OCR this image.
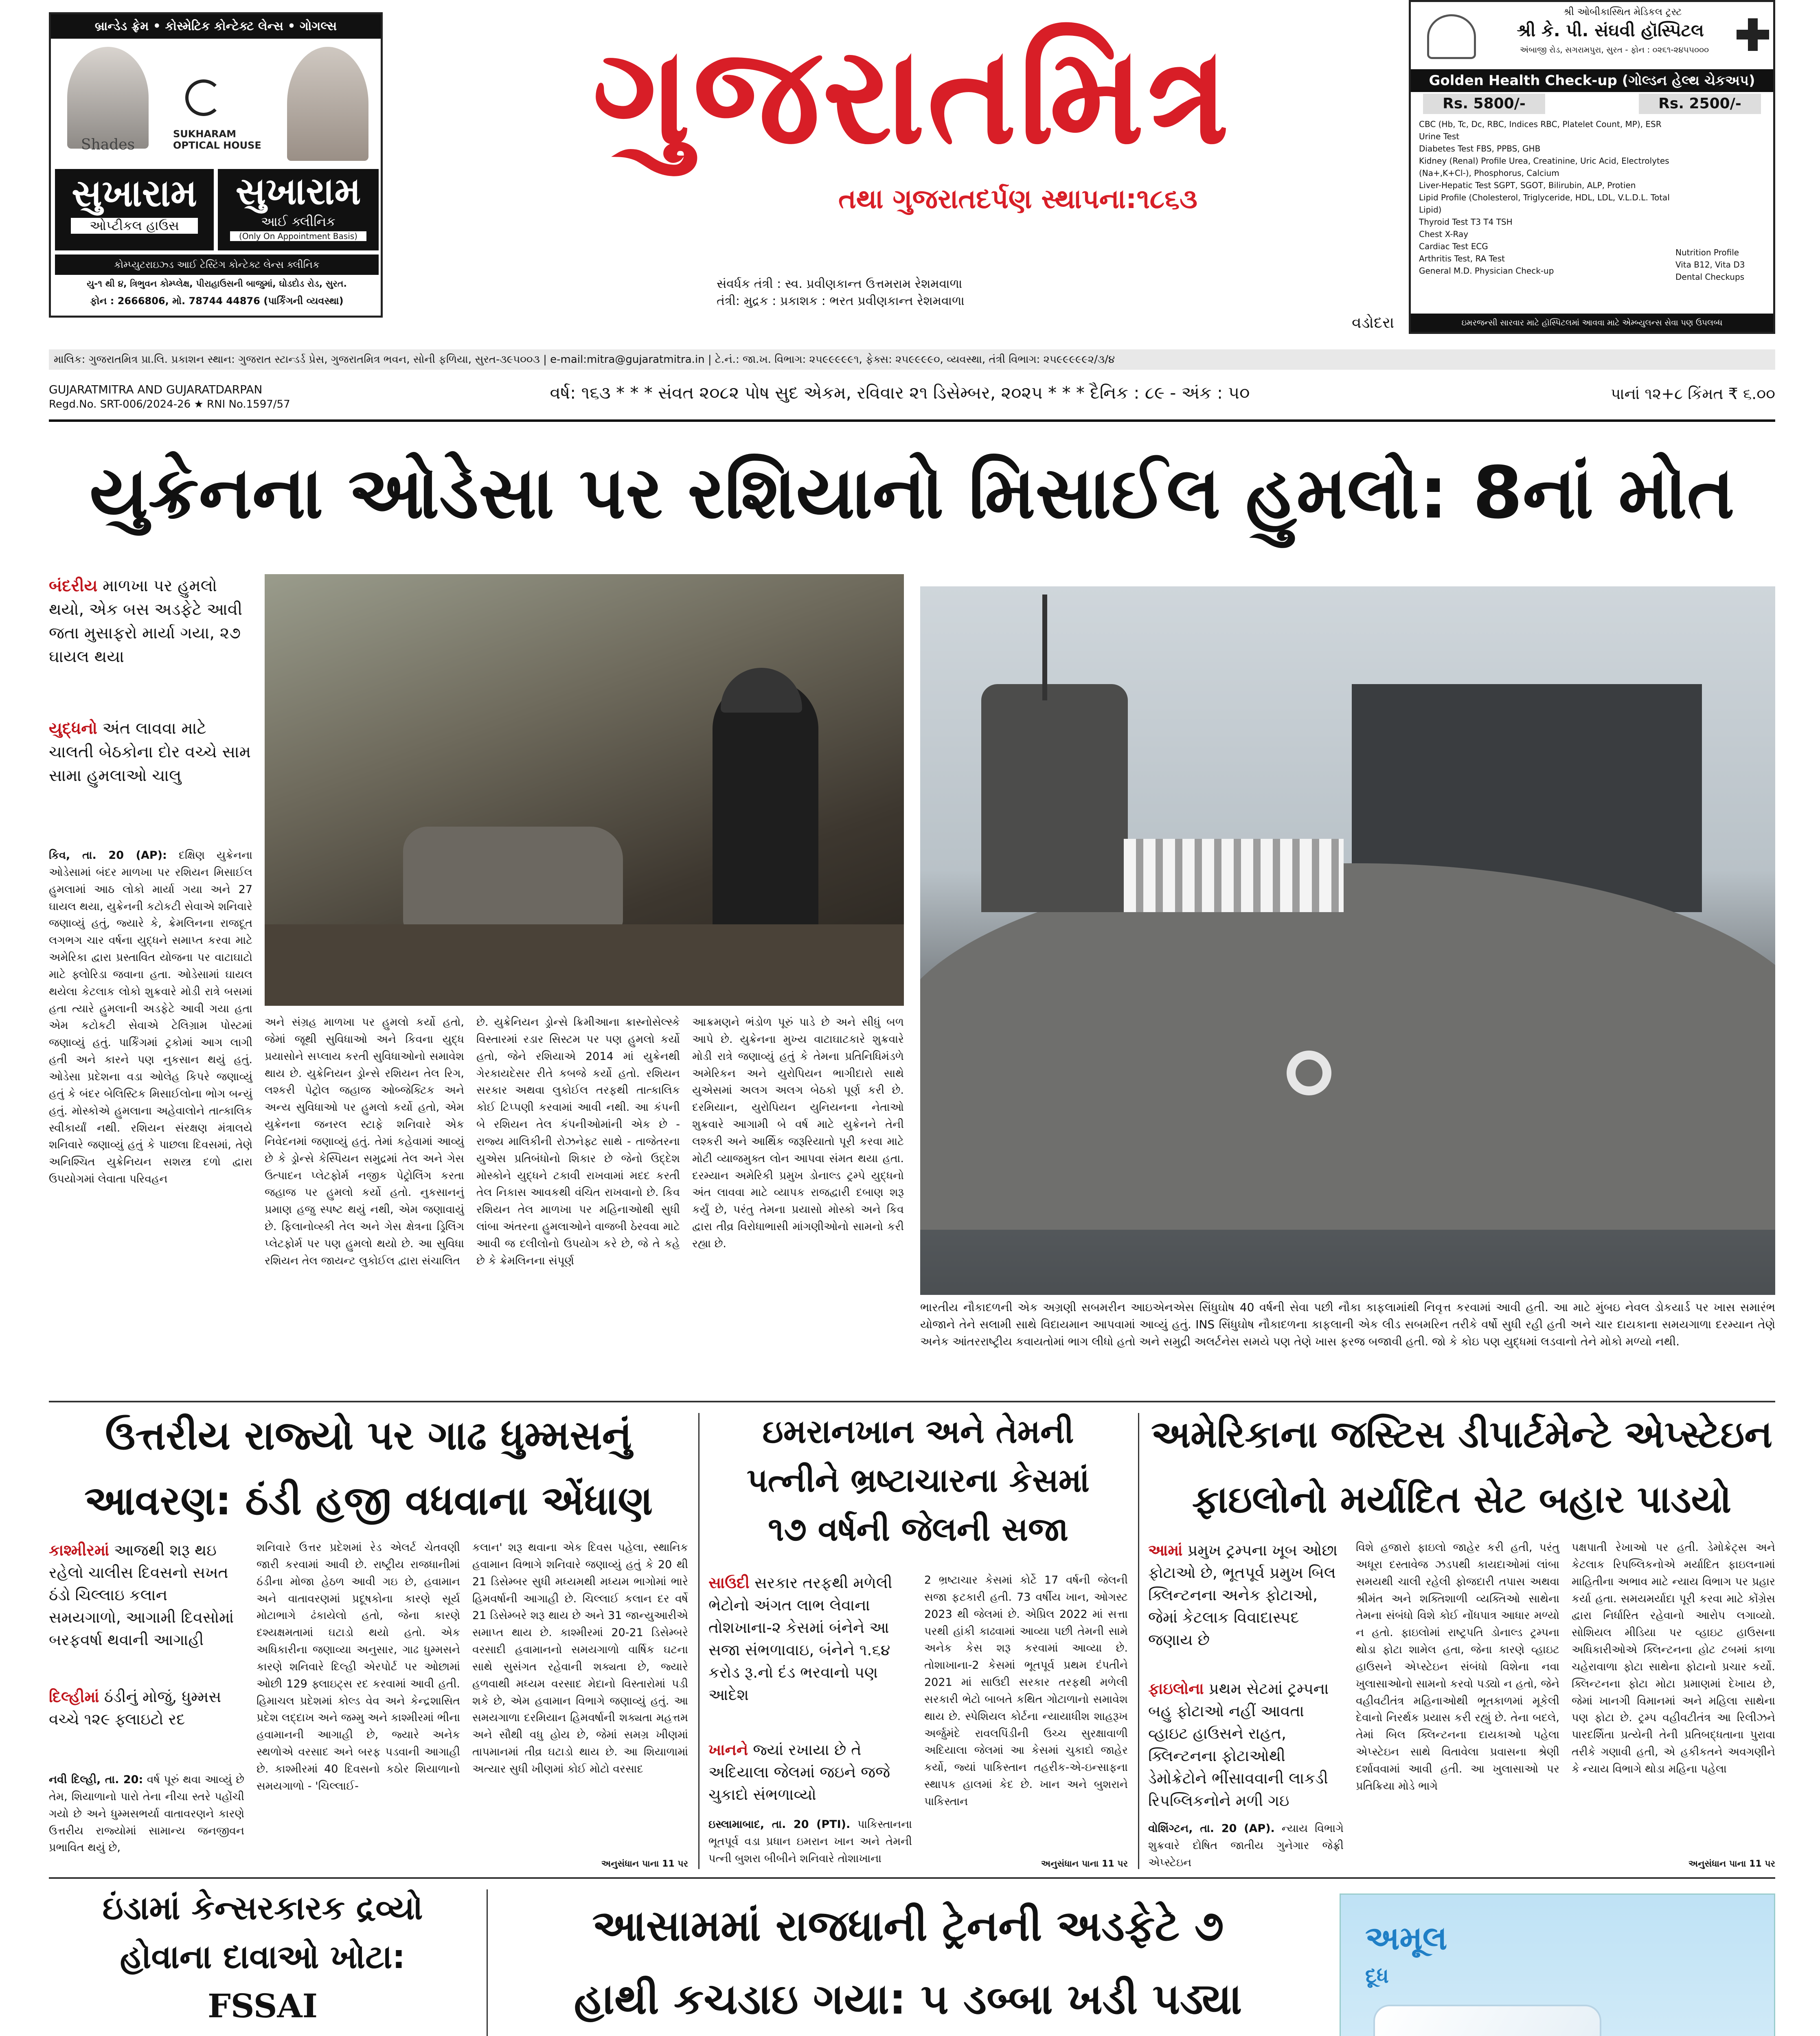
બ્રાન્ડેડ ફ્રેમ • કોસ્મેટિક કોન્ટેક્ટ લેન્સ • ગોગલ્સ
Shades
SUKHARAM OPTICAL HOUSE
સુખારામ
ઓપ્ટીકલ હાઉસ
સુખારામ
આઈ ક્લીનિક
(Only On Appointment Basis)
કોમ્પ્યુટરાઇઝ્ડ આઈ ટેસ્ટિંગ કોન્ટેક્ટ લેન્સ ક્લીનિક
યુ-૧ થી ૪, ત્રિભુવન કોમ્પ્લેક્ષ, પીરાહાઉસની બાજુમાં, ઘોડદોડ રોડ, સુરત.
ફોન : 2666806, મો. 78744 44876 (પાર્કિંગની વ્યવસ્થા)
ગુજરાતમિત્ર
તથા ગુજરાતદર્પણ સ્થાપના:૧૮૬૩
સંવર્ધક તંત્રી : સ્વ. પ્રવીણકાન્ત ઉત્તમરામ રેશમવાળા
તંત્રી: મુદ્રક : પ્રકાશક : ભરત પ્રવીણકાન્ત રેશમવાળા
વડોદરા
શ્રી ઓબીકાસ્થિત મેડિકલ ટ્રસ્ટ
શ્રી કે. પી. સંઘવી હૉસ્પિટલ
અંબાજી રોડ, સગરામપુરા, સુરત - ફોન : ૦૨૬૧-૨૪૫૫૦૦૦
Golden Health Check-up (ગોલ્ડન હેલ્થ ચેકઅપ)
Rs. 5800/-	Rs. 2500/-
CBC (Hb, Tc, Dc, RBC, Indices RBC, Platelet Count, MP), ESR
Urine Test
Diabetes Test FBS, PPBS, GHB
Kidney (Renal) Profile Urea, Creatinine, Uric Acid, Electrolytes (Na+,K+Cl-), Phosphorus, Calcium
Liver-Hepatic Test SGPT, SGOT, Bilirubin, ALP, Protien
Lipid Profile (Cholesterol, Triglyceride, HDL, LDL, V.L.D.L. Total Lipid)
Thyroid Test T3 T4 TSH
Chest X-Ray
Cardiac Test ECG
Arthritis Test, RA Test
General M.D. Physician Check-up
Nutrition Profile
Vita B12, Vita D3
Dental Checkups
ઇમરજન્સી સારવાર માટે હૉસ્પિટલમાં આવવા માટે એમ્બ્યુલન્સ સેવા પણ ઉપલબ્ધ
માલિક: ગુજરાતમિત્ર પ્રા.લિ. પ્રકાશન સ્થાન: ગુજરાત સ્ટાન્ડર્ડ પ્રેસ, ગુજરાતમિત્ર ભવન, સોની ફળિયા, સુરત-૩૯૫૦૦૩ | e-mail:mitra@gujaratmitra.in | ટે.નં.: જા.ખ. વિભાગ: ૨૫૯૯૯૯૯૧, ફેક્સ: ૨૫૯૯૯૯૦, વ્યવસ્થા, તંત્રી વિભાગ: ૨૫૯૯૯૯૯૨/૩/૪
GUJARATMITRA AND GUJARATDARPAN
Regd.No. SRT-006/2024-26 ★ RNI No.1597/57
વર્ષ: ૧૬૩ * * * સંવત ૨૦૮૨ પોષ સુદ એકમ, રવિવાર ૨૧ ડિસેમ્બર, ૨૦૨૫ * * * દૈનિક : ૮૯ - અંક : ૫૦	પાનાં ૧૨+૮ કિંમત ₹ ૬.૦૦
યુક્રેનના ઓડેસા પર રશિયાનો મિસાઈલ હુમલો: 8નાં મોત
બંદરીય માળખા પર હુમલો થયો, એક બસ અડફેટે આવી જતા મુસાફરો માર્યા ગયા, ૨૭ ઘાયલ થયા
યુદ્ધનો અંત લાવવા માટે ચાલતી બેઠકોના દોર વચ્ચે સામ સામા હુમલાઓ ચાલુ

કિવ, તા. 20 (AP): દક્ષિણ યુક્રેનના ઓડેસામાં બંદર માળખા પર રશિયન મિસાઈલ હુમલામાં આઠ લોકો માર્યા ગયા અને 27 ઘાયલ થયા, યુક્રેનની કટોકટી સેવાએ શનિવારે જણાવ્યું હતું, જ્યારે કે, ક્રેમલિનના રાજદૂત લગભગ ચાર વર્ષના યુદ્ધને સમાપ્ત કરવા માટે અમેરિકા દ્વારા પ્રસ્તાવિત યોજના પર વાટાઘાટો માટે ફ્લોરિડા જવાના હતા. ઓડેસામાં ઘાયલ થયેલા કેટલાક લોકો શુક્રવારે મોડી રાત્રે બસમાં હતા ત્યારે હુમલાની અડફેટે આવી ગયા હતા એમ કટોકટી સેવાએ ટેલિગ્રામ પોસ્ટમાં જણાવ્યું હતું. પાર્કિંગમાં ટ્રકોમાં આગ લાગી હતી અને કારને પણ નુકસાન થયું હતું. ઓડેસા પ્રદેશના વડા ઓલેહ કિપરે જણાવ્યું હતું કે બંદર બેલિસ્ટિક મિસાઈલોના ભોગ બન્યું હતું. મોસ્કોએ હુમલાના અહેવાલોને તાત્કાલિક સ્વીકાર્યાં નથી. રશિયન સંરક્ષણ મંત્રાલયે શનિવારે જણાવ્યું હતું કે પાછલા દિવસમાં, તેણે અનિશ્ચિત યુક્રેનિયન સશસ્ત્ર દળો દ્વારા ઉપયોગમાં લેવાતા પરિવહન

અને સંગ્રહ માળખા પર હુમલો કર્યો હતો, જેમાં જૂથી સુવિધાઓ અને કિવના યુદ્ધ પ્રયાસોને સપ્લાય કરતી સુવિધાઓનો સમાવેશ થાય છે. યુક્રેનિયન ડ્રોન્સે રશિયન તેલ રિગ, લશ્કરી પેટ્રોલ જહાજ ઓબ્જેક્ટિક અને અન્ય સુવિધાઓ પર હુમલો કર્યો હતો, એમ યુક્રેનના જનરલ સ્ટાફે શનિવારે એક નિવેદનમાં જણાવ્યું હતું. તેમાં કહેવામાં આવ્યું છે કે ડ્રોન્સે કેસ્પિયન સમુદ્રમાં તેલ અને ગેસ ઉત્પાદન પ્લેટફોર્મ નજીક પેટ્રોલિંગ કરતા જહાજ પર હુમલો કર્યો હતો. નુકસાનનું પ્રમાણ હજુ સ્પષ્ટ થયું નથી, એમ જણાવાયું છે. ફિલાનોવ્સ્કી તેલ અને ગેસ ક્ષેત્રના ડ્રિલિંગ પ્લેટફોર્મ પર પણ હુમલો થયો છે. આ સુવિધા રશિયન તેલ જાયન્ટ લુકોઈલ દ્વારા સંચાલિત
છે. યુક્રેનિયન ડ્રોન્સે ક્રિમીઆના ક્રાસ્નોસેલ્સ્કે વિસ્તારમાં રડાર સિસ્ટમ પર પણ હુમલો કર્યો હતો, જેને રશિયાએ 2014 માં યુક્રેનથી ગેરકાયદેસર રીતે કબજે કર્યો હતો. રશિયન સરકાર અથવા લુકોઈલ તરફથી તાત્કાલિક કોઈ ટિપ્પણી કરવામાં આવી નથી. આ કંપની બે રશિયન તેલ કંપનીઓમાંની એક છે - રાજ્ય માલિકીની રોઝનેફ્ટ સાથે - તાજેતરના યુએસ પ્રતિબંધોનો શિકાર છે જેનો ઉદ્દેશ મોસ્કોને યુદ્ધને ટકાવી રાખવામાં મદદ કરતી તેલ નિકાસ આવકથી વંચિત રાખવાનો છે. કિવ રશિયન તેલ માળખા પર મહિનાઓથી સુધી લાંબા અંતરના હુમલાઓને વાજબી ઠેરવવા માટે આવી જ દલીલોનો ઉપયોગ કરે છે, જે તે કહે છે કે ક્રેમલિનના સંપૂર્ણ
આક્રમણને ભંડોળ પૂરું પાડે છે અને સીધું બળ આપે છે. યુક્રેનના મુખ્ય વાટાઘાટકારે શુક્રવારે મોડી રાત્રે જણાવ્યું હતું કે તેમના પ્રતિનિધિમંડળે અમેરિકન અને યુરોપિયન ભાગીદારો સાથે યુએસમાં અલગ અલગ બેઠકો પૂર્ણ કરી છે. દરમિયાન, યુરોપિયન યુનિયનના નેતાઓ શુક્રવારે આગામી બે વર્ષ માટે યુક્રેનને તેની લશ્કરી અને આર્થિક જરૂરિયાતો પૂરી કરવા માટે મોટી વ્યાજમુક્ત લોન આપવા સંમત થયા હતા. દરમ્યાન અમેરિકી પ્રમુખ ડોનાલ્ડ ટ્રમ્પે યુદ્ધનો અંત લાવવા માટે વ્યાપક રાજદ્વારી દબાણ શરૂ કર્યું છે, પરંતુ તેમના પ્રયાસો મોસ્કો અને કિવ દ્વારા તીવ્ર વિરોધાભાસી માંગણીઓનો સામનો કરી રહ્યા છે.
ભારતીય નૌકાદળની એક અગ્રણી સબમરીન આઇએનએસ સિંધુઘોષ 40 વર્ષની સેવા પછી નૌકા કાફલામાંથી નિવૃત્ત કરવામાં આવી હતી. આ માટે મુંબઇ નેવલ ડોકયાર્ડ પર ખાસ સમારંભ યોજાને તેને સલામી સાથે વિદાયમાન આપવામાં આવ્યું હતું. INS સિંધુઘોષ નૌકાદળના કાફલાની એક લીડ સબમરિન તરીકે વર્ષો સુધી રહી હતી અને ચાર દાયકાના સમયગાળા દરમ્યાન તેણે અનેક આંતરરાષ્ટ્રીય કવાયતોમાં ભાગ લીધો હતો અને સમુદ્રી અલર્ટનેસ સમયે પણ તેણે ખાસ ફરજ બજાવી હતી. જો કે કોઇ પણ યુદ્ધમાં લડવાનો તેને મોકો મળ્યો નથી.
ઉત્તરીય રાજ્યો પર ગાઢ ધુમ્મસનું
આવરણ: ઠંડી હજી વધવાના એંધાણ
કાશ્મીરમાં આજથી શરૂ થઇ રહેલો ચાલીસ દિવસનો સખત ઠંડો ચિલ્લાઇ કલાન સમયગાળો, આગામી દિવસોમાં બરફવર્ષા થવાની આગાહી
દિલ્હીમાં ઠંડીનું મોજું, ધુમ્મસ વચ્ચે ૧૨૯ ફ્લાઇટો રદ

નવી દિલ્હી, તા. 20: વર્ષ પૂરું થવા આવ્યું છે તેમ, શિયાળાનો પારો તેના નીચા સ્તરે પહોંચી ગયો છે અને ધુમ્મસભર્યા વાતાવરણને કારણે ઉત્તરીય રાજ્યોમાં સામાન્ય જનજીવન પ્રભાવિત થયું છે,

શનિવારે ઉત્તર પ્રદેશમાં રેડ એલર્ટ ચેતવણી જારી કરવામાં આવી છે. રાષ્ટ્રીય રાજધાનીમાં ઠંડીના મોજા હેઠળ આવી ગઇ છે, હવામાન અને વાતાવરણમાં પ્રદૂષકોના કારણે સૂર્ય મોટાભાગે ઢંકાયેલો હતો, જેના કારણે દશ્યક્ષમતામાં ઘટાડો થયો હતો. એક અધિકારીના જણાવ્યા અનુસાર, ગાઢ ધુમ્મસને કારણે શનિવારે દિલ્હી એરપોર્ટ પર ઓછામાં ઓછી 129 ફ્લાઇટ્સ રદ કરવામાં આવી હતી. હિમાચલ પ્રદેશમાં કોલ્ડ વેવ અને કેન્દ્રશાસિત પ્રદેશ લદ્દાખ અને જમ્મુ અને કાશ્મીરમાં ભીના હવામાનની આગાહી છે, જ્યારે અનેક સ્થળોએ વરસાદ અને બરફ પડવાની આગાહી છે. કાશ્મીરમાં 40 દિવસનો કઠોર શિયાળાનો સમયગાળો - 'ચિલ્લાઈ-
કલાન' શરૂ થવાના એક દિવસ પહેલા, સ્થાનિક હવામાન વિભાગે શનિવારે જણાવ્યું હતું કે 20 થી 21 ડિસેમ્બર સુધી મધ્યમથી મધ્યમ ભાગોમાં ભારે હિમવર્ષાની આગાહી છે. ચિલ્લાઈ કલાન દર વર્ષે 21 ડિસેમ્બરે શરૂ થાય છે અને 31 જાન્યુઆરીએ સમાપ્ત થાય છે. કાશ્મીરમાં 20-21 ડિસેમ્બરે વરસાદી હવામાનનો સમયગાળો વાર્ષિક ઘટના સાથે સુસંગત રહેવાની શક્યતા છે, જ્યારે હળવાથી મધ્યમ વરસાદ મેદાનો વિસ્તારોમાં પડી શકે છે, એમ હવામાન વિભાગે જણાવ્યું હતું. આ સમયગાળા દરમિયાન હિમવર્ષાની શક્યતા મહત્તમ અને સૌથી વધુ હોય છે, જેમાં સમગ્ર ખીણમાં તાપમાનમાં તીવ્ર ઘટાડો થાય છે. આ શિયાળામાં અત્યાર સુધી ખીણમાં કોઈ મોટો વરસાદ
અનુસંધાન પાના 11 પર
ઇમરાનખાન અને તેમની
પત્નીને ભ્રષ્ટાચારના કેસમાં
૧૭ વર્ષની જેલની સજા
સાઉદી સરકાર તરફથી મળેલી ભેટોનો અંગત લાભ લેવાના તોશખાના-૨ કેસમાં બંનેને આ સજા સંભળાવાઇ, બંનેને ૧.૬૪ કરોડ રૂ.નો દંડ ભરવાનો પણ આદેશ
ખાનને જ્યાં રખાયા છે તે અદિયાલા જેલમાં જઇને જજે ચુકાદો સંભળાવ્યો

ઇસ્લામાબાદ, તા. 20 (PTI). પાકિસ્તાનના ભૂતપૂર્વ વડા પ્રધાન ઇમરાન ખાન અને તેમની પત્ની બુશરા બીબીને શનિવારે તોશાખાના

2 ભ્રષ્ટાચાર કેસમાં કોર્ટે 17 વર્ષની જેલની સજા ફટકારી હતી. 73 વર્ષીય ખાન, ઓગસ્ટ 2023 થી જેલમાં છે. એપ્રિલ 2022 માં સત્તા પરથી હાંકી કાઢવામાં આવ્યા પછી તેમની સામે અનેક કેસ શરૂ કરવામાં આવ્યા છે. તોશાખાના-2 કેસમાં ભૂતપૂર્વ પ્રથમ દંપતીને 2021 માં સાઉદી સરકાર તરફથી મળેલી સરકારી ભેટો બાબતે કથિત ગોટાળાનો સમાવેશ થાય છે. સ્પેશિયલ કોર્ટના ન્યાયાધીશ શાહરૂખ અર્જુમંદે રાવલપિંડીની ઉચ્ચ સુરક્ષાવાળી અદિયાલા જેલમાં આ કેસમાં ચુકાદો જાહેર કર્યો, જ્યાં પાકિસ્તાન તહરીક-એ-ઇન્સાફના સ્થાપક હાલમાં કેદ છે. ખાન અને બુશરાને પાકિસ્તાન
અનુસંધાન પાના 11 પર
અમેરિકાના જસ્ટિસ ડીપાર્ટમેન્ટે એપ્સ્ટેઇન
ફાઇલોનો મર્યાદિત સેટ બહાર પાડયો
આમાં પ્રમુખ ટ્રમ્પના ખૂબ ઓછા ફોટાઓ છે, ભૂતપૂર્વ પ્રમુખ બિલ ક્લિન્ટનના અનેક ફોટાઓ, જેમાં કેટલાક વિવાદાસ્પદ જણાય છે
ફાઇલોના પ્રથમ સેટમાં ટ્રમ્પના બહુ ફોટાઓ નહીં આવતા વ્હાઇટ હાઉસને રાહત, ક્લિન્ટનના ફોટાઓથી ડેમોક્રેટોને ભીંસાવવાની લાકડી રિપબ્લિકનોને મળી ગઇ

વોશિંગ્ટન, તા. 20 (AP). ન્યાય વિભાગે શુક્રવારે દોષિત જાતીય ગુનેગાર જેફ્રી એપ્સ્ટેઇન

વિશે હજારો ફાઇલો જાહેર કરી હતી, પરંતુ અધૂરા દસ્તાવેજ ઝડપથી કાયદાઓમાં લાંબા સમયથી ચાલી રહેલી ફોજદારી તપાસ અથવા શ્રીમંત અને શક્તિશાળી વ્યક્તિઓ સાથેના તેમના સંબંધો વિશે કોઈ નોંધપાત્ર આધાર મળ્યો ન હતો. ફાઇલોમાં રાષ્ટ્રપતિ ડોનાલ્ડ ટ્રમ્પના થોડા ફોટા શામેલ હતા, જેના કારણે વ્હાઇટ હાઉસને એપ્સ્ટેઇન સંબંધો વિશેના નવા ખુલાસાઓનો સામનો કરવો પડ્યો ન હતો, જેને વહીવટીતંત્ર મહિનાઓથી ભૂતકાળમાં મૂકેલી દેવાનો નિરર્થક પ્રયાસ કરી રહ્યું છે. તેના બદલે, તેમાં બિલ ક્લિન્ટનના દાયકાઓ પહેલા એપ્સ્ટેઇન સાથે વિતાવેલા પ્રવાસના શ્રેણી દર્શાવવામાં આવી હતી. આ ખુલાસાઓ પર પ્રતિક્રિયા મોડે ભાગે
પક્ષપાતી રેખાઓ પર હતી. ડેમોક્રેટ્સ અને કેટલાક રિપબ્લિકનોએ મર્યાદિત ફાઇલનામાં માહિતીના અભાવ માટે ન્યાય વિભાગ પર પ્રહાર કર્યા હતા. સમયમર્યાદા પૂરી કરવા માટે કોંગ્રેસ દ્વારા નિર્ધારિત રહેવાનો આરોપ લગાવ્યો. સોશિયલ મીડિયા પર વ્હાઇટ હાઉસના અધિકારીઓએ ક્લિન્ટનના હોટ ટબમાં કાળા ચહેરાવાળા ફોટા સાથેના ફોટાનો પ્રચાર કર્યો. ક્લિન્ટનના ફોટા મોટા પ્રમાણમાં દેખાય છે, જેમાં ખાનગી વિમાનમાં અને મહિલા સાથેના પણ ફોટા છે. ટ્રમ્પ વહીવટીતંત્ર આ રિલીઝને પારદર્શિતા પ્રત્યેની તેની પ્રતિબદ્ધતાના પુરાવા તરીકે ગણાવી હતી, એ હકીકતને અવગણીને કે ન્યાય વિભાગે થોડા મહિના પહેલા
અનુસંધાન પાના 11 પર
ઇંડામાં કેન્સરકારક દ્રવ્યો
હોવાના દાવાઓ ખોટા:
FSSAI

આસામમાં રાજધાની ટ્રેનની અડફેટે ૭
હાથી કચડાઇ ગયા: ૫ ડબ્બા ખડી પડ્યા

અમૂલ
દૂધ
